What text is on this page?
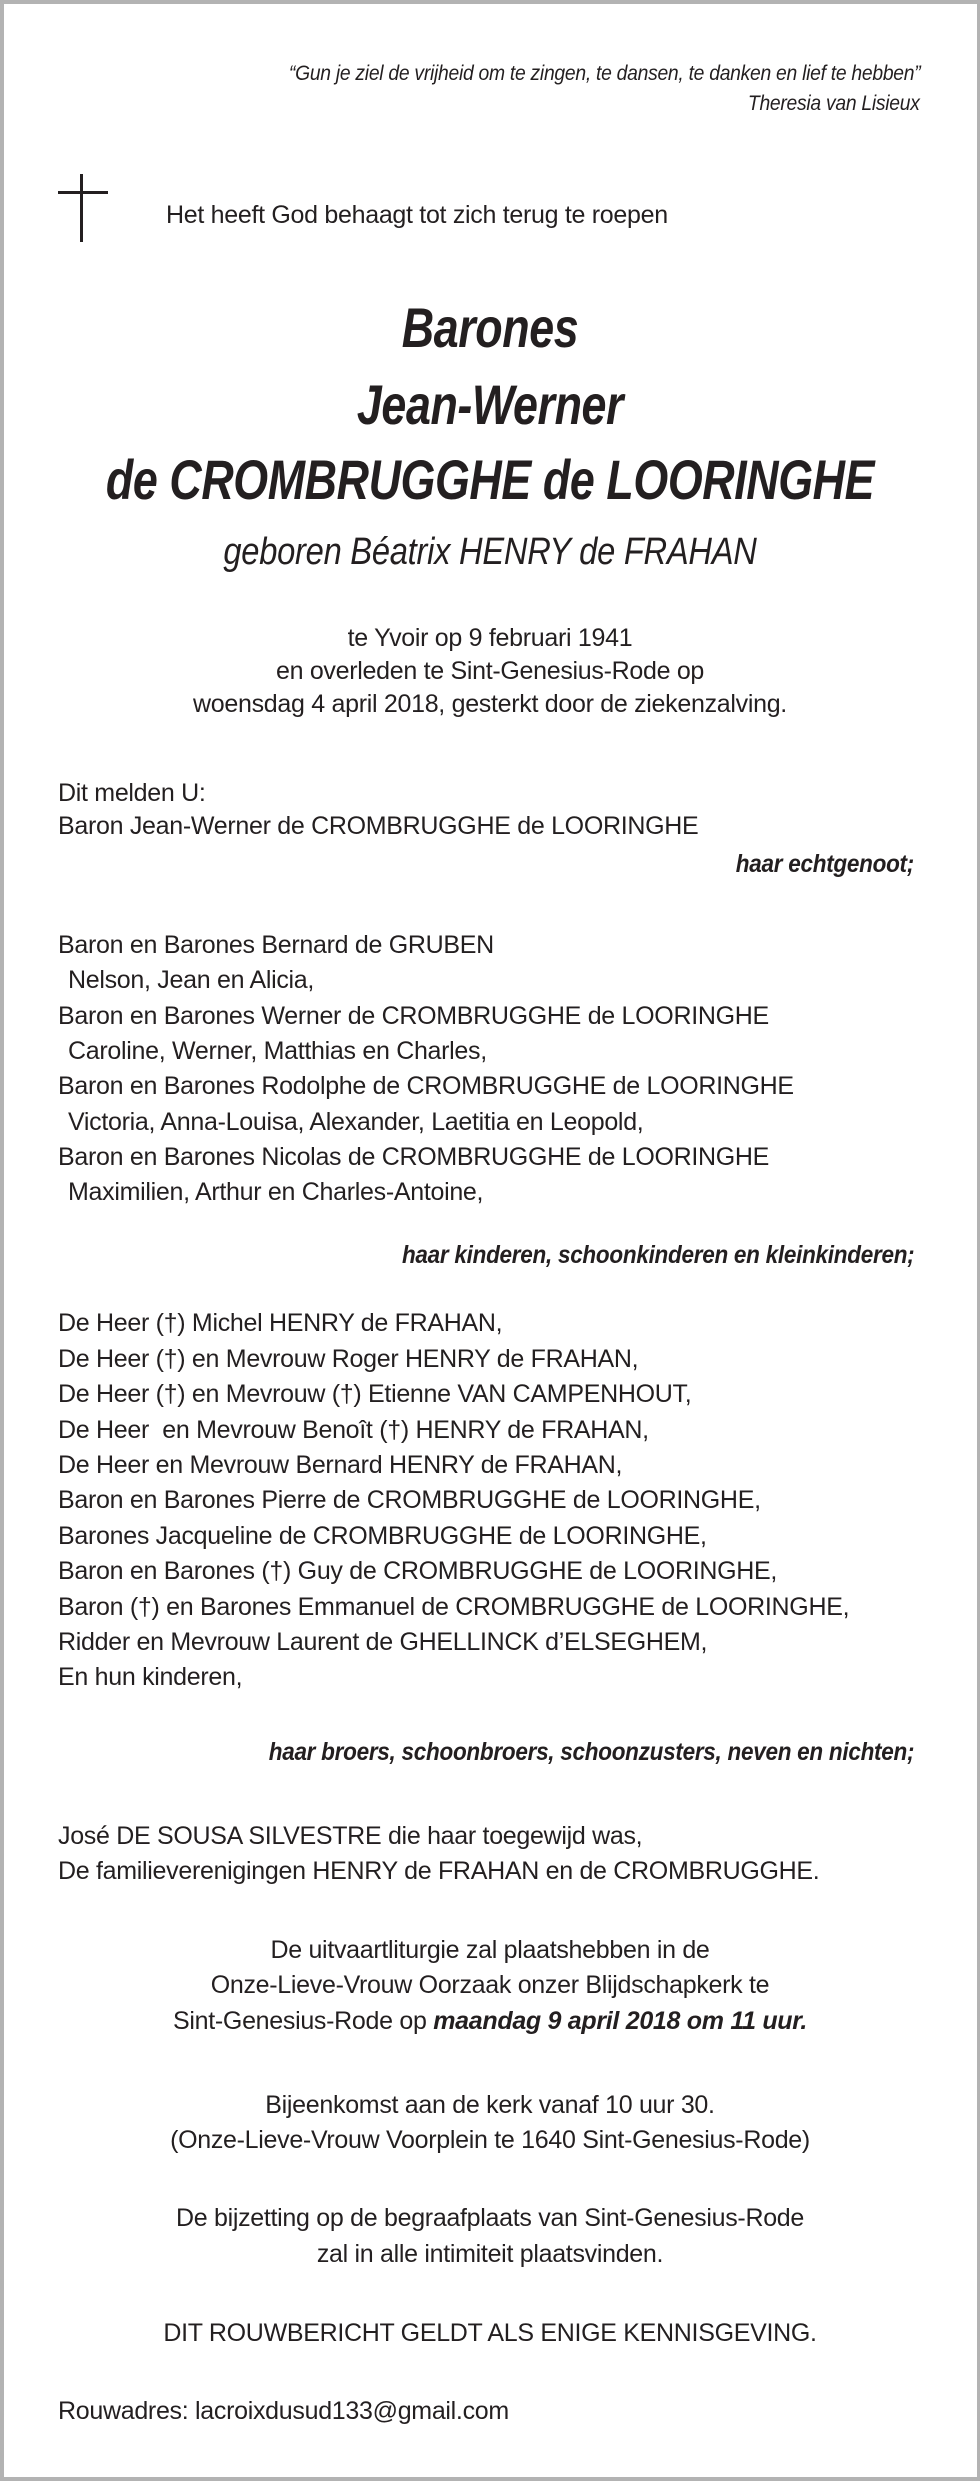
“Gun je ziel de vrijheid om te zingen, te dansen, te danken en lief te hebben”
Theresia van Lisieux
Het heeft God behaagt tot zich terug te roepen
Barones
Jean-Werner
de CROMBRUGGHE de LOORINGHE
geboren Béatrix HENRY de FRAHAN
te Yvoir op 9 februari 1941
en overleden te Sint-Genesius-Rode op
woensdag 4 april 2018, gesterkt door de ziekenzalving.
Dit melden U:
Baron Jean-Werner de CROMBRUGGHE de LOORINGHE
haar echtgenoot;
Baron en Barones Bernard de GRUBEN
Nelson, Jean en Alicia,
Baron en Barones Werner de CROMBRUGGHE de LOORINGHE
Caroline, Werner, Matthias en Charles,
Baron en Barones Rodolphe de CROMBRUGGHE de LOORINGHE
Victoria, Anna-Louisa, Alexander, Laetitia en Leopold,
Baron en Barones Nicolas de CROMBRUGGHE de LOORINGHE
Maximilien, Arthur en Charles-Antoine,
haar kinderen, schoonkinderen en kleinkinderen;
De Heer (†) Michel HENRY de FRAHAN,
De Heer (†) en Mevrouw Roger HENRY de FRAHAN,
De Heer (†) en Mevrouw (†) Etienne VAN CAMPENHOUT,
De Heer  en Mevrouw Benoît (†) HENRY de FRAHAN,
De Heer en Mevrouw Bernard HENRY de FRAHAN,
Baron en Barones Pierre de CROMBRUGGHE de LOORINGHE,
Barones Jacqueline de CROMBRUGGHE de LOORINGHE,
Baron en Barones (†) Guy de CROMBRUGGHE de LOORINGHE,
Baron (†) en Barones Emmanuel de CROMBRUGGHE de LOORINGHE,
Ridder en Mevrouw Laurent de GHELLINCK d’ELSEGHEM,
En hun kinderen,
haar broers, schoonbroers, schoonzusters, neven en nichten;
José DE SOUSA SILVESTRE die haar toegewijd was,
De familieverenigingen HENRY de FRAHAN en de CROMBRUGGHE.
De uitvaartliturgie zal plaatshebben in de
Onze-Lieve-Vrouw Oorzaak onzer Blijdschapkerk te
Sint-Genesius-Rode op maandag 9 april 2018 om 11 uur.
Bijeenkomst aan de kerk vanaf 10 uur 30.
(Onze-Lieve-Vrouw Voorplein te 1640 Sint-Genesius-Rode)
De bijzetting op de begraafplaats van Sint-Genesius-Rode
zal in alle intimiteit plaatsvinden.
DIT ROUWBERICHT GELDT ALS ENIGE KENNISGEVING.
Rouwadres: lacroixdusud133@gmail.com
